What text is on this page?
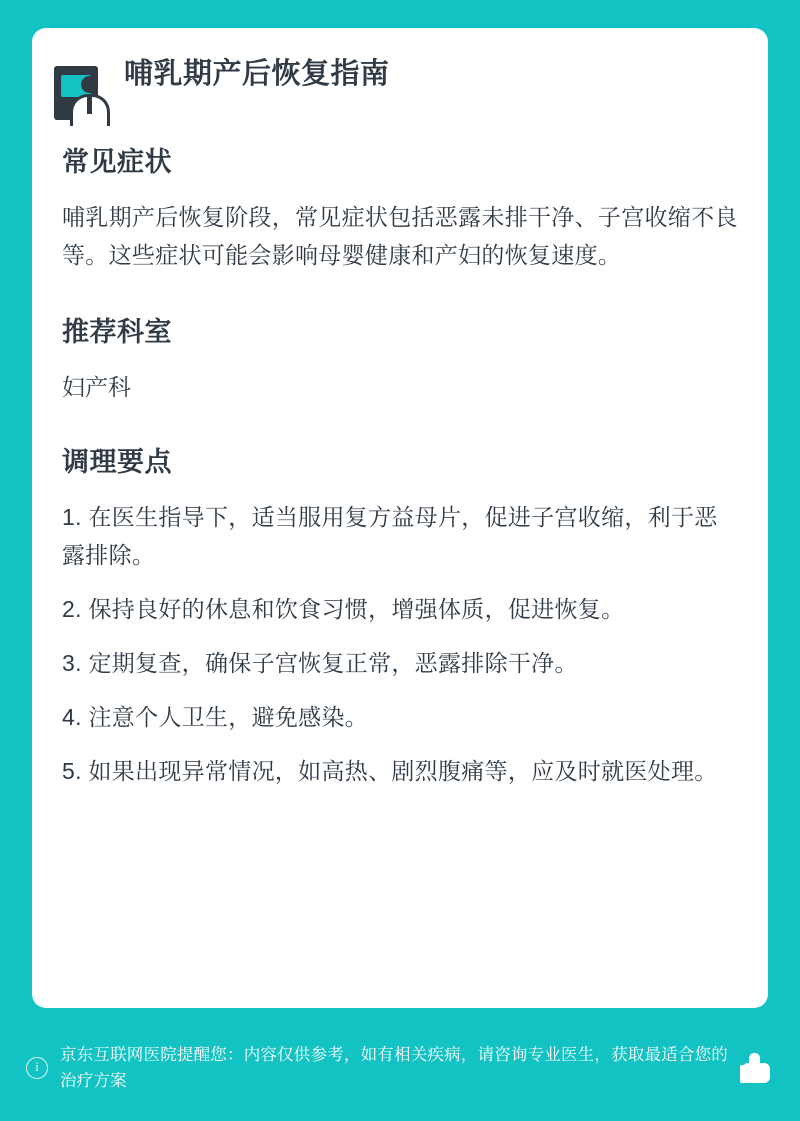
哺乳期产后恢复指南
常见症状

哺乳期产后恢复阶段，常见症状包括恶露未排干净、子宫收缩不良等。这些症状可能会影响母婴健康和产妇的恢复速度。

推荐科室

妇产科

调理要点
1. 在医生指导下，适当服用复方益母片，促进子宫收缩，利于恶露排除。
2. 保持良好的休息和饮食习惯，增强体质，促进恢复。
3. 定期复查，确保子宫恢复正常，恶露排除干净。
4. 注意个人卫生，避免感染。
5. 如果出现异常情况，如高热、剧烈腹痛等，应及时就医处理。
i
京东互联网医院提醒您：内容仅供参考，如有相关疾病，请咨询专业医生，获取最适合您的治疗方案
